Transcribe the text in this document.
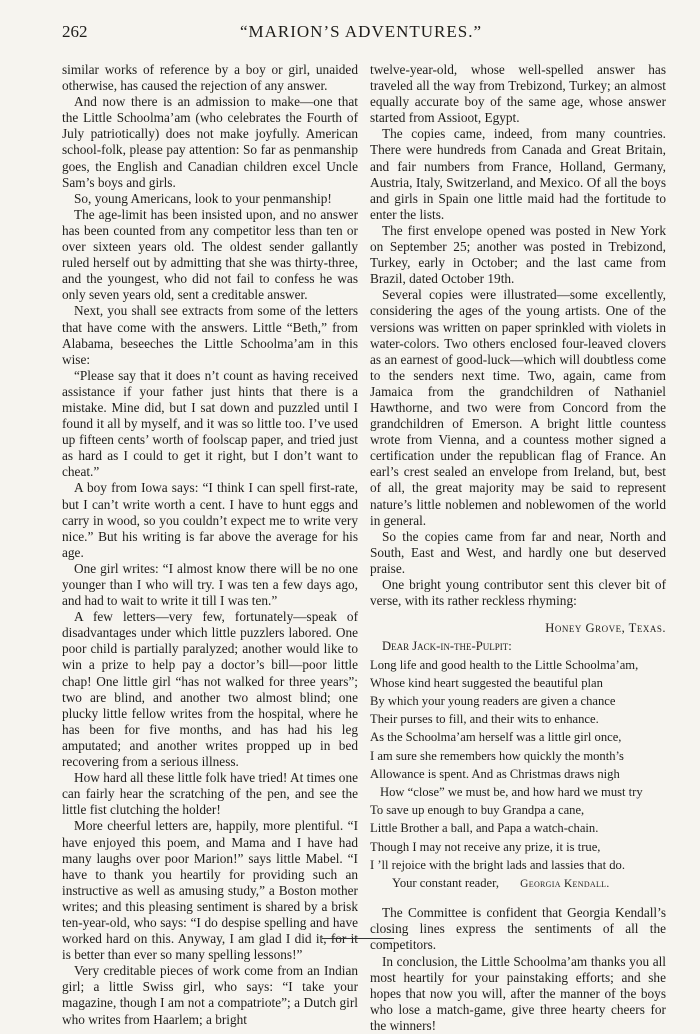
262	“MARION’S ADVENTURES.”

similar works of reference by a boy or girl, unaided otherwise, has caused the rejection of any answer.

And now there is an admission to make—one that the Little Schoolma’am (who celebrates the Fourth of July patriotically) does not make joyfully. American school-folk, please pay attention: So far as penmanship goes, the English and Canadian children excel Uncle Sam’s boys and girls.

So, young Americans, look to your penmanship!

The age-limit has been insisted upon, and no answer has been counted from any competitor less than ten or over sixteen years old. The oldest sender gallantly ruled herself out by admitting that she was thirty-three, and the youngest, who did not fail to confess he was only seven years old, sent a creditable answer.

Next, you shall see extracts from some of the letters that have come with the answers. Little “Beth,” from Alabama, beseeches the Little Schoolma’am in this wise:

“Please say that it does n’t count as having received assistance if your father just hints that there is a mistake. Mine did, but I sat down and puzzled until I found it all by myself, and it was so little too. I’ve used up fifteen cents’ worth of foolscap paper, and tried just as hard as I could to get it right, but I don’t want to cheat.”

A boy from Iowa says: “I think I can spell first-rate, but I can’t write worth a cent. I have to hunt eggs and carry in wood, so you couldn’t expect me to write very nice.” But his writing is far above the average for his age.

One girl writes: “I almost know there will be no one younger than I who will try. I was ten a few days ago, and had to wait to write it till I was ten.”

A few letters—very few, fortunately—speak of disadvantages under which little puzzlers labored. One poor child is partially paralyzed; another would like to win a prize to help pay a doctor’s bill—poor little chap! One little girl “has not walked for three years”; two are blind, and another two almost blind; one plucky little fellow writes from the hospital, where he has been for five months, and has had his leg amputated; and another writes propped up in bed recovering from a serious illness.

How hard all these little folk have tried! At times one can fairly hear the scratching of the pen, and see the little fist clutching the holder!

More cheerful letters are, happily, more plentiful. “I have enjoyed this poem, and Mama and I have had many laughs over poor Marion!” says little Mabel. “I have to thank you heartily for providing such an instructive as well as amusing study,” a Boston mother writes; and this pleasing sentiment is shared by a brisk ten-year-old, who says: “I do despise spelling and have worked hard on this. Anyway, I am glad I did it, for it is better than ever so many spelling lessons!”

Very creditable pieces of work come from an Indian girl; a little Swiss girl, who says: “I take your magazine, though I am not a compatriote”; a Dutch girl who writes from Haarlem; a bright

twelve-year-old, whose well-spelled answer has traveled all the way from Trebizond, Turkey; an almost equally accurate boy of the same age, whose answer started from Assioot, Egypt.

The copies came, indeed, from many countries. There were hundreds from Canada and Great Britain, and fair numbers from France, Holland, Germany, Austria, Italy, Switzerland, and Mexico. Of all the boys and girls in Spain one little maid had the fortitude to enter the lists.

The first envelope opened was posted in New York on September 25; another was posted in Trebizond, Turkey, early in October; and the last came from Brazil, dated October 19th.

Several copies were illustrated—some excellently, considering the ages of the young artists. One of the versions was written on paper sprinkled with violets in water-colors. Two others enclosed four-leaved clovers as an earnest of good-luck—which will doubtless come to the senders next time. Two, again, came from Jamaica from the grandchildren of Nathaniel Hawthorne, and two were from Concord from the grandchildren of Emerson. A bright little countess wrote from Vienna, and a countess mother signed a certification under the republican flag of France. An earl’s crest sealed an envelope from Ireland, but, best of all, the great majority may be said to represent nature’s little noblemen and noblewomen of the world in general.

So the copies came from far and near, North and South, East and West, and hardly one but deserved praise.

One bright young contributor sent this clever bit of verse, with its rather reckless rhyming:

Honey Grove, Texas.
Dear Jack-in-the-Pulpit:
Long life and good health to the Little Schoolma’am,
Whose kind heart suggested the beautiful plan
By which your young readers are given a chance
Their purses to fill, and their wits to enhance.
As the Schoolma’am herself was a little girl once,
I am sure she remembers how quickly the month’s
Allowance is spent. And as Christmas draws nigh
How “close” we must be, and how hard we must try
To save up enough to buy Grandpa a cane,
Little Brother a ball, and Papa a watch-chain.
Though I may not receive any prize, it is true,
I ’ll rejoice with the bright lads and lassies that do.
Your constant reader, Georgia Kendall.

The Committee is confident that Georgia Kendall’s closing lines express the sentiments of all the competitors.

In conclusion, the Little Schoolma’am thanks you all most heartily for your painstaking efforts; and she hopes that now you will, after the manner of the boys who lose a match-game, give three hearty cheers for the winners!
